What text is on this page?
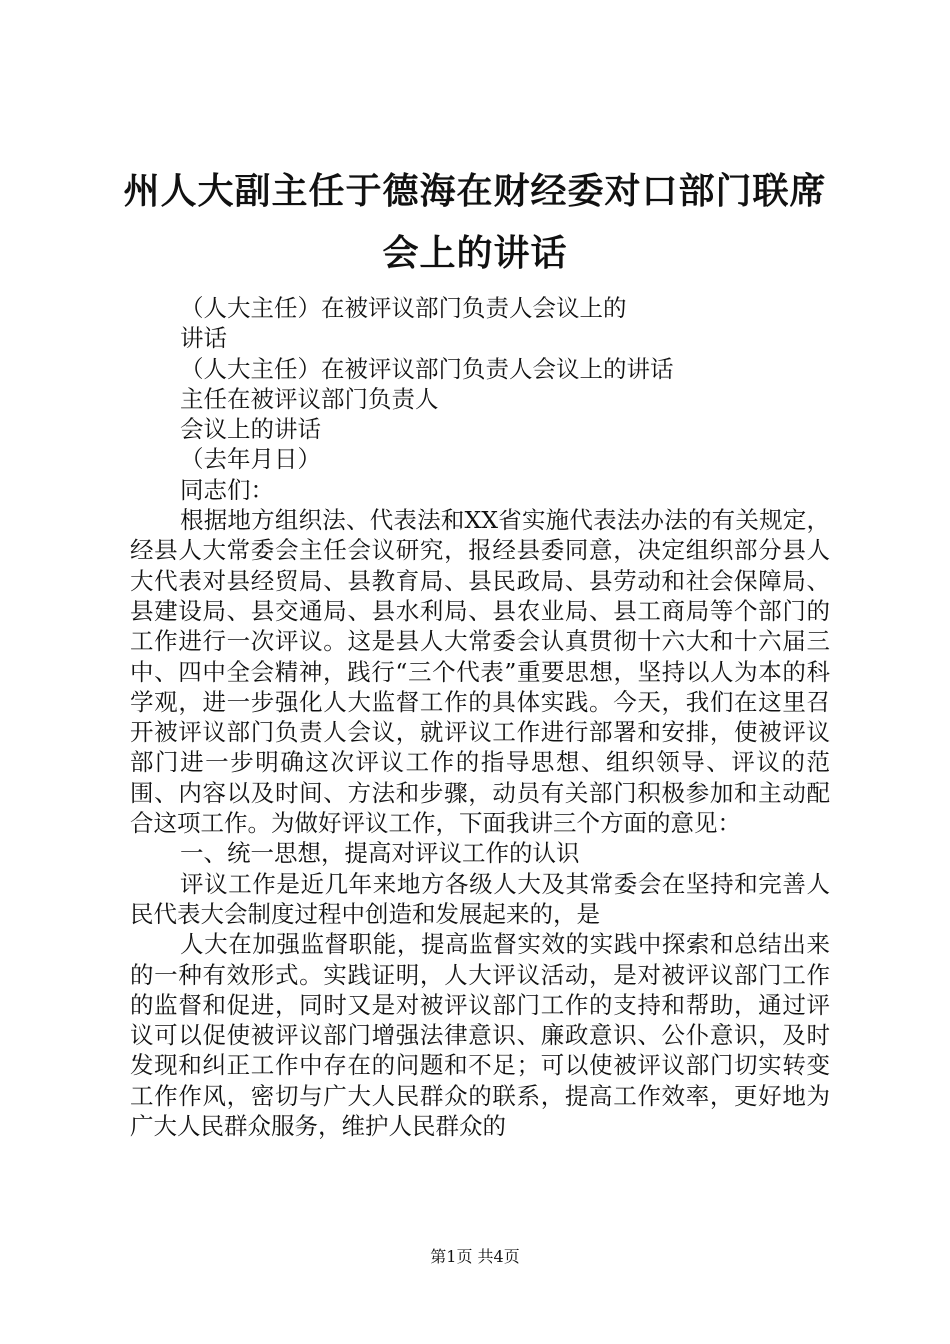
州人大副主任于德海在财经委对口部门联席会上的讲话
（人大主任）在被评议部门负责人会议上的
讲话
（人大主任）在被评议部门负责人会议上的讲话
主任在被评议部门负责人
会议上的讲话
（去年月日）
同志们：

根据地方组织法、代表法和XX省实施代表法办法的有关规定，经县人大常委会主任会议研究，报经县委同意，决定组织部分县人大代表对县经贸局、县教育局、县民政局、县劳动和社会保障局、县建设局、县交通局、县水利局、县农业局、县工商局等个部门的工作进行一次评议。这是县人大常委会认真贯彻十六大和十六届三中、四中全会精神，践行“三个代表”重要思想，坚持以人为本的科学观，进一步强化人大监督工作的具体实践。今天，我们在这里召开被评议部门负责人会议，就评议工作进行部署和安排，使被评议部门进一步明确这次评议工作的指导思想、组织领导、评议的范围、内容以及时间、方法和步骤，动员有关部门积极参加和主动配合这项工作。为做好评议工作，下面我讲三个方面的意见：

一、统一思想，提高对评议工作的认识

评议工作是近几年来地方各级人大及其常委会在坚持和完善人民代表大会制度过程中创造和发展起来的，是

人大在加强监督职能，提高监督实效的实践中探索和总结出来的一种有效形式。实践证明，人大评议活动，是对被评议部门工作的监督和促进，同时又是对被评议部门工作的支持和帮助，通过评议可以促使被评议部门增强法律意识、廉政意识、公仆意识，及时发现和纠正工作中存在的问题和不足；可以使被评议部门切实转变工作作风，密切与广大人民群众的联系，提高工作效率，更好地为广大人民群众服务，维护人民群众的

第1页 共4页
